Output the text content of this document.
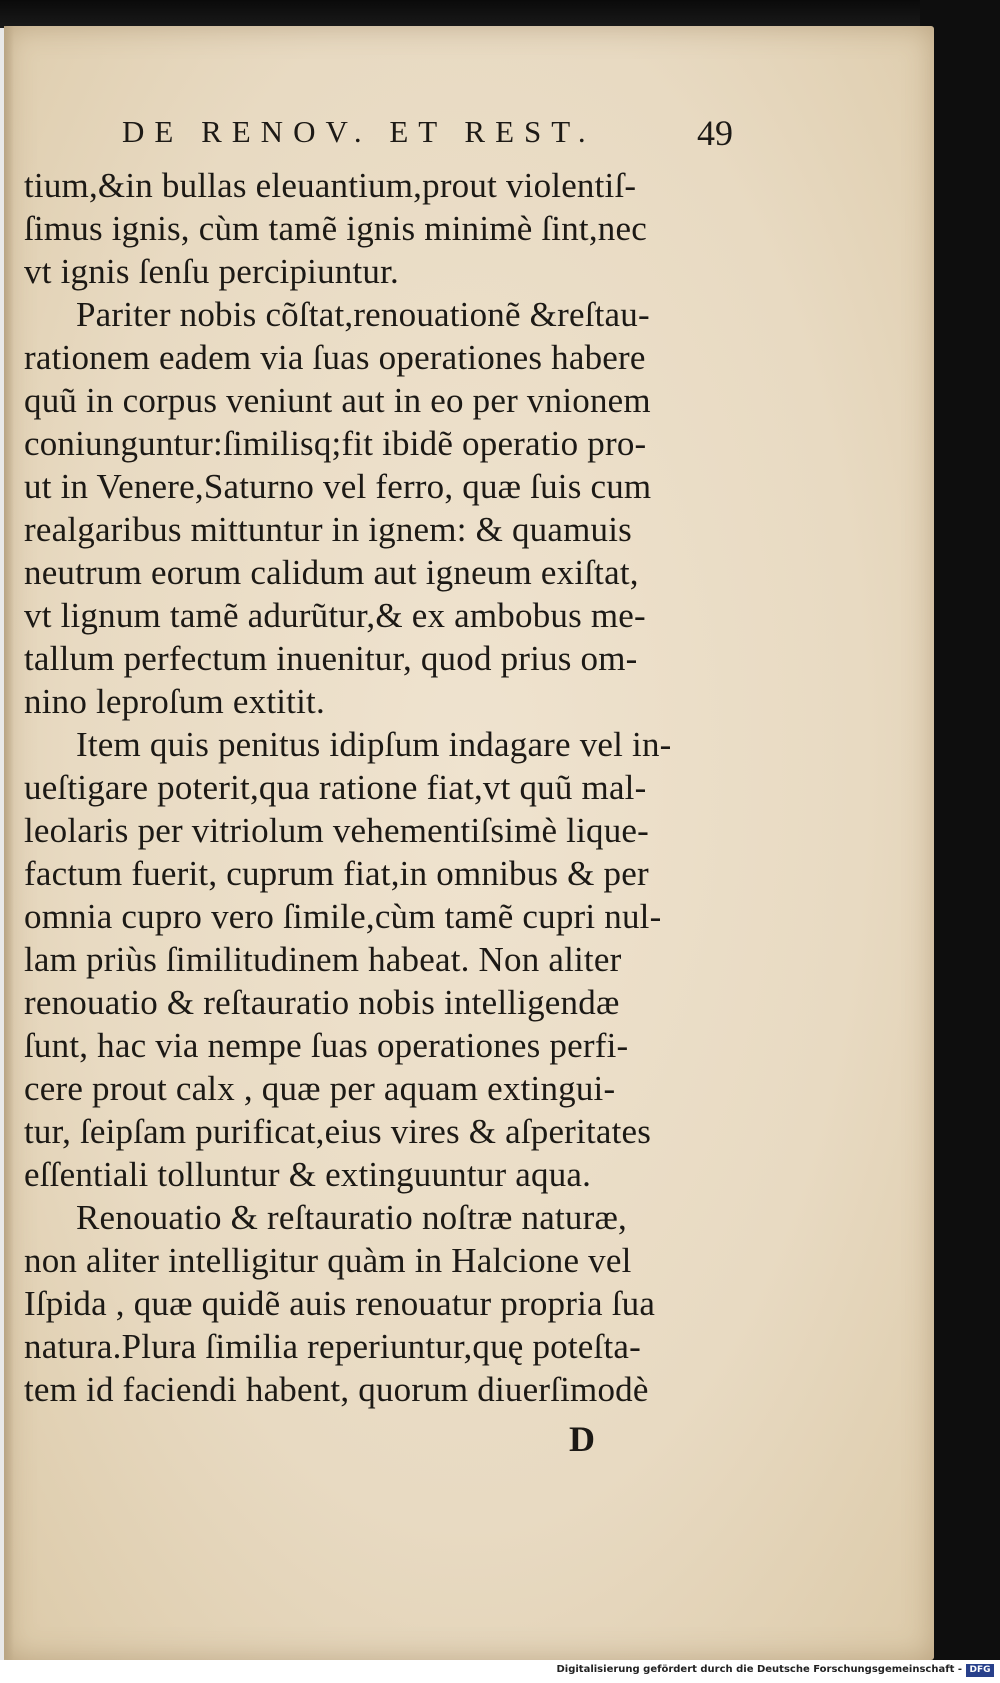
DE RENOV. ET REST.	49
tium,&in bullas eleuantium,prout violentiſ-
ſimus ignis, cùm tamẽ ignis minimè ſint,nec
vt ignis ſenſu percipiuntur.
Pariter nobis cõſtat,renouationẽ &reſtau-
rationem eadem via ſuas operationes habere
quũ in corpus veniunt aut in eo per vnionem
coniunguntur:ſimilisq;fit ibidẽ operatio pro-
ut in Venere,Saturno vel ferro, quæ ſuis cum
realgaribus mittuntur in ignem: & quamuis
neutrum eorum calidum aut igneum exiſtat,
vt lignum tamẽ adurũtur,& ex ambobus me-
tallum perfectum inuenitur, quod prius om-
nino leproſum extitit.
Item quis penitus idipſum indagare vel in-
ueſtigare poterit,qua ratione fiat,vt quũ mal-
leolaris per vitriolum vehementiſsimè lique-
factum fuerit, cuprum fiat,in omnibus & per
omnia cupro vero ſimile,cùm tamẽ cupri nul-
lam priùs ſimilitudinem habeat. Non aliter
renouatio & reſtauratio nobis intelligendæ
ſunt, hac via nempe ſuas operationes perfi-
cere prout calx , quæ per aquam extingui-
tur, ſeipſam purificat,eius vires & aſperitates
eſſentiali tolluntur & extinguuntur aqua.
Renouatio & reſtauratio noſtræ naturæ,
non aliter intelligitur quàm in Halcione vel
Iſpida , quæ quidẽ auis renouatur propria ſua
natura.Plura ſimilia reperiuntur,quę poteſta-
tem id faciendi habent, quorum diuerſimodè
D
Digitalisierung gefördert durch die Deutsche Forschungsgemeinschaft - DFG
